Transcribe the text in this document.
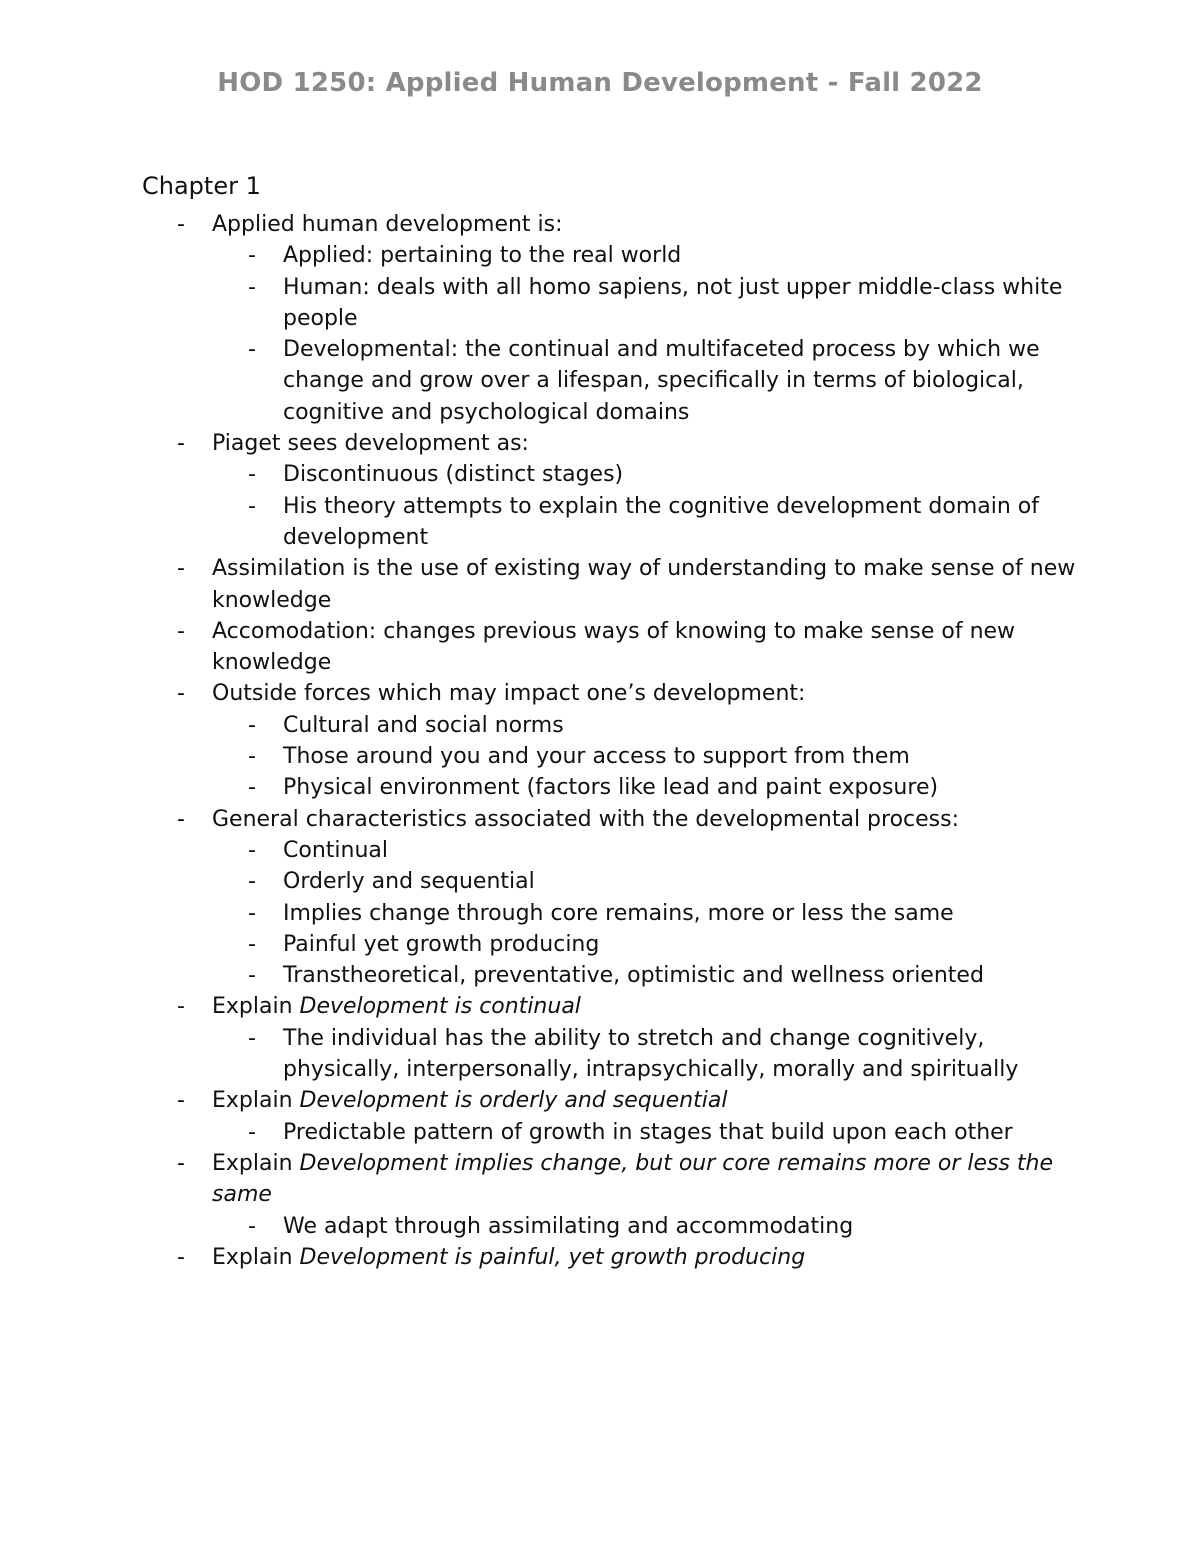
HOD 1250: Applied Human Development - Fall 2022
Chapter 1
- Applied human development is:
- Applied: pertaining to the real world
- Human: deals with all homo sapiens, not just upper middle-class white people
- Developmental: the continual and multifaceted process by which we change and grow over a lifespan, specifically in terms of biological, cognitive and psychological domains
- Piaget sees development as:
- Discontinuous (distinct stages)
- His theory attempts to explain the cognitive development domain of development
- Assimilation is the use of existing way of understanding to make sense of new knowledge
- Accomodation: changes previous ways of knowing to make sense of new knowledge
- Outside forces which may impact one’s development:
- Cultural and social norms
- Those around you and your access to support from them
- Physical environment (factors like lead and paint exposure)
- General characteristics associated with the developmental process:
- Continual
- Orderly and sequential
- Implies change through core remains, more or less the same
- Painful yet growth producing
- Transtheoretical, preventative, optimistic and wellness oriented
- Explain Development is continual
- The individual has the ability to stretch and change cognitively, physically, interpersonally, intrapsychically, morally and spiritually
- Explain Development is orderly and sequential
- Predictable pattern of growth in stages that build upon each other
- Explain Development implies change, but our core remains more or less the same
- We adapt through assimilating and accommodating
- Explain Development is painful, yet growth producing
